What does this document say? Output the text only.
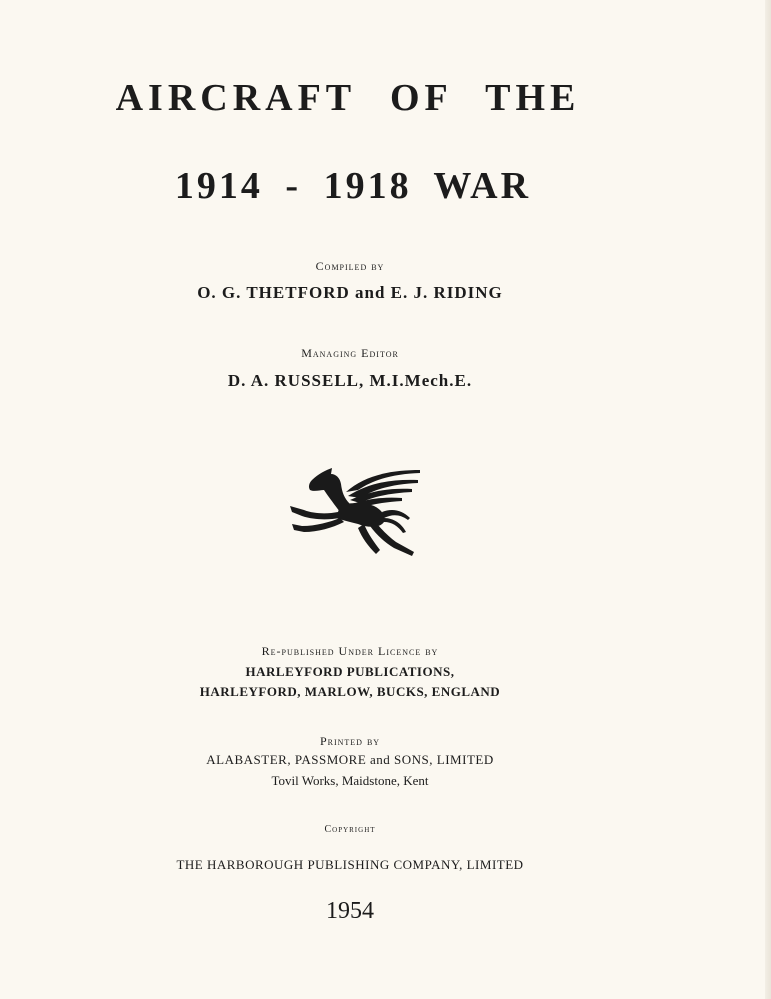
AIRCRAFT OF THE
1914 - 1918 WAR
Compiled by
O. G. THETFORD and E. J. RIDING
Managing Editor
D. A. RUSSELL, M.I.Mech.E.
Re-published Under Licence by
HARLEYFORD PUBLICATIONS,
HARLEYFORD, MARLOW, BUCKS, ENGLAND
Printed by
ALABASTER, PASSMORE and SONS, LIMITED
Tovil Works, Maidstone, Kent
Copyright
THE HARBOROUGH PUBLISHING COMPANY, LIMITED
1954
